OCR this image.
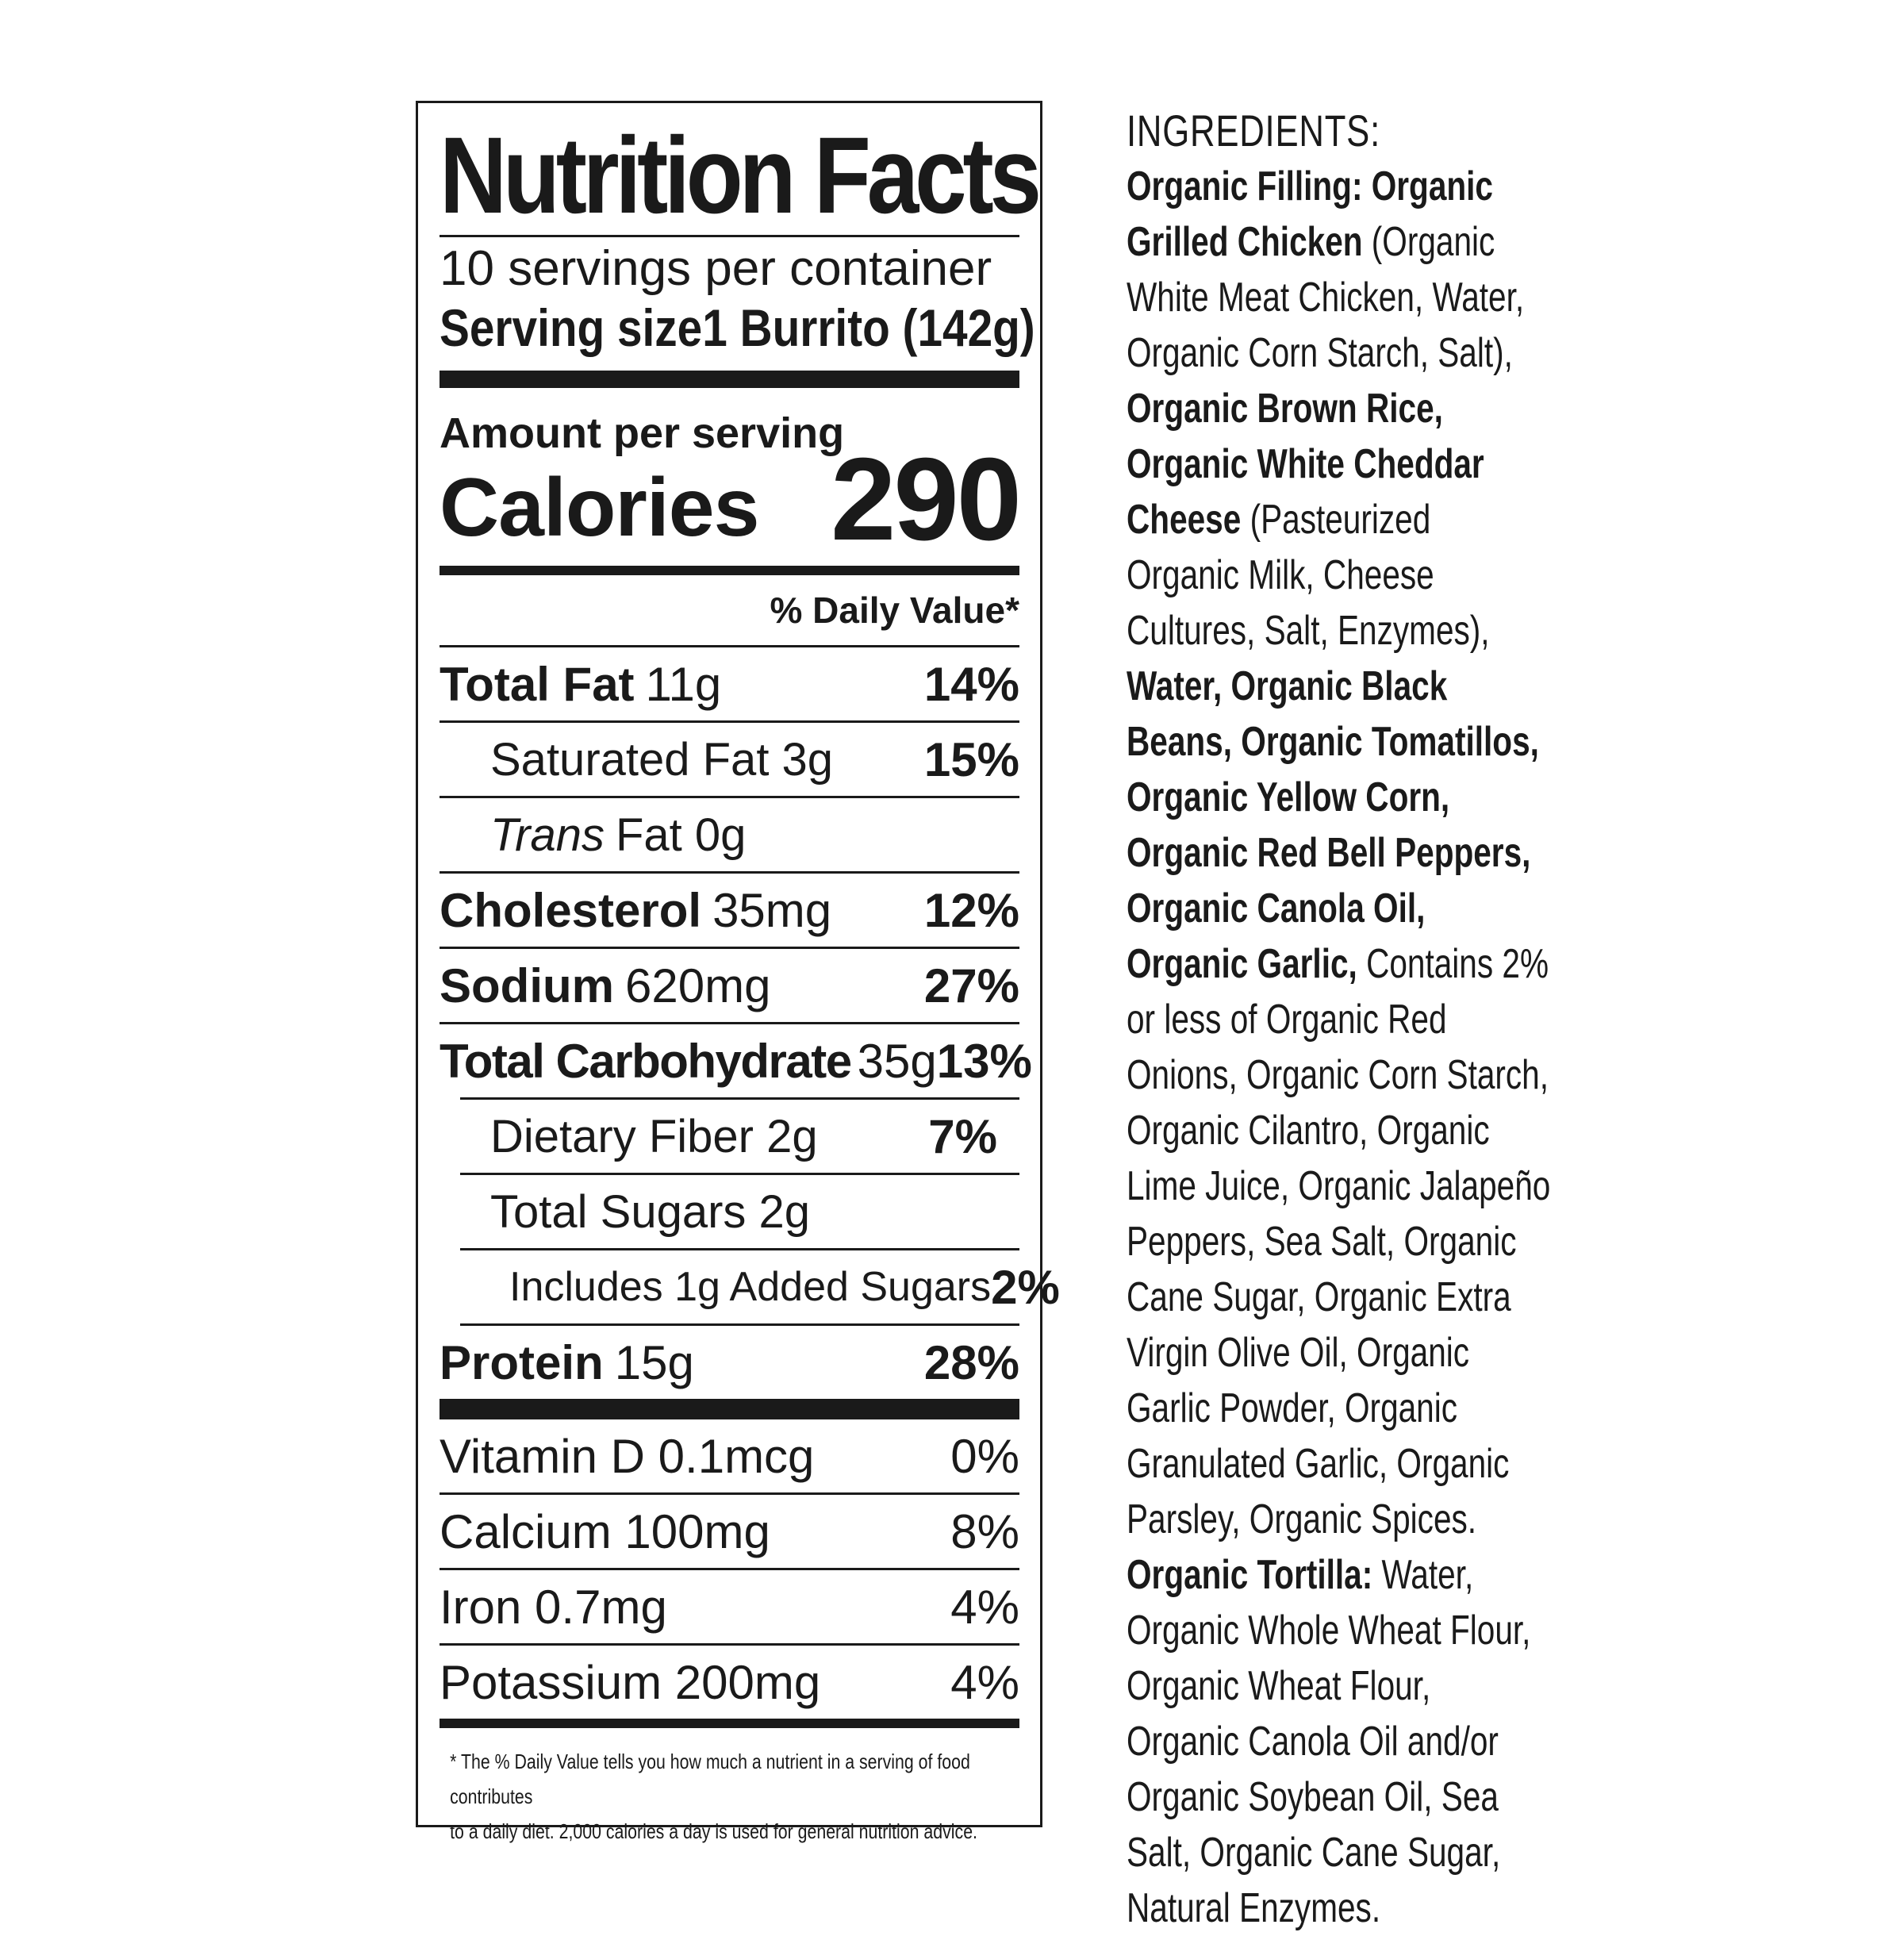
Nutrition Facts
10 servings per container
Serving size 1 Burrito (142g)
Amount per serving
Calories 290
% Daily Value*
Total Fat 11g	14%
Saturated Fat 3g 15%
Trans Fat 0g
Cholesterol 35mg 12%
Sodium 620mg	27%
Total Carbohydrate 35g 13%
Dietary Fiber 2g 7%
Total Sugars 2g
Includes 1g Added Sugars 2%
Protein 15g	28%
Vitamin D 0.1mcg	0%
Calcium 100mg	8%
Iron 0.7mg	4%
Potassium 200mg	4%
* The % Daily Value tells you how much a nutrient in a serving of food contributes
to a daily diet. 2,000 calories a day is used for general nutrition advice.
INGREDIENTS:
Organic Filling: Organic Grilled Chicken (Organic White Meat Chicken, Water, Organic Corn Starch, Salt), Organic Brown Rice, Organic White Cheddar Cheese (Pasteurized Organic Milk, Cheese Cultures, Salt, Enzymes), Water, Organic Black Beans, Organic Tomatillos, Organic Yellow Corn, Organic Red Bell Peppers, Organic Canola Oil, Organic Garlic, Contains 2% or less of Organic Red Onions, Organic Corn Starch, Organic Cilantro, Organic Lime Juice, Organic Jalapeño Peppers, Sea Salt, Organic Cane Sugar, Organic Extra Virgin Olive Oil, Organic Garlic Powder, Organic Granulated Garlic, Organic Parsley, Organic Spices. Organic Tortilla: Water, Organic Whole Wheat Flour, Organic Wheat Flour, Organic Canola Oil and/or Organic Soybean Oil, Sea Salt, Organic Cane Sugar, Natural Enzymes.
